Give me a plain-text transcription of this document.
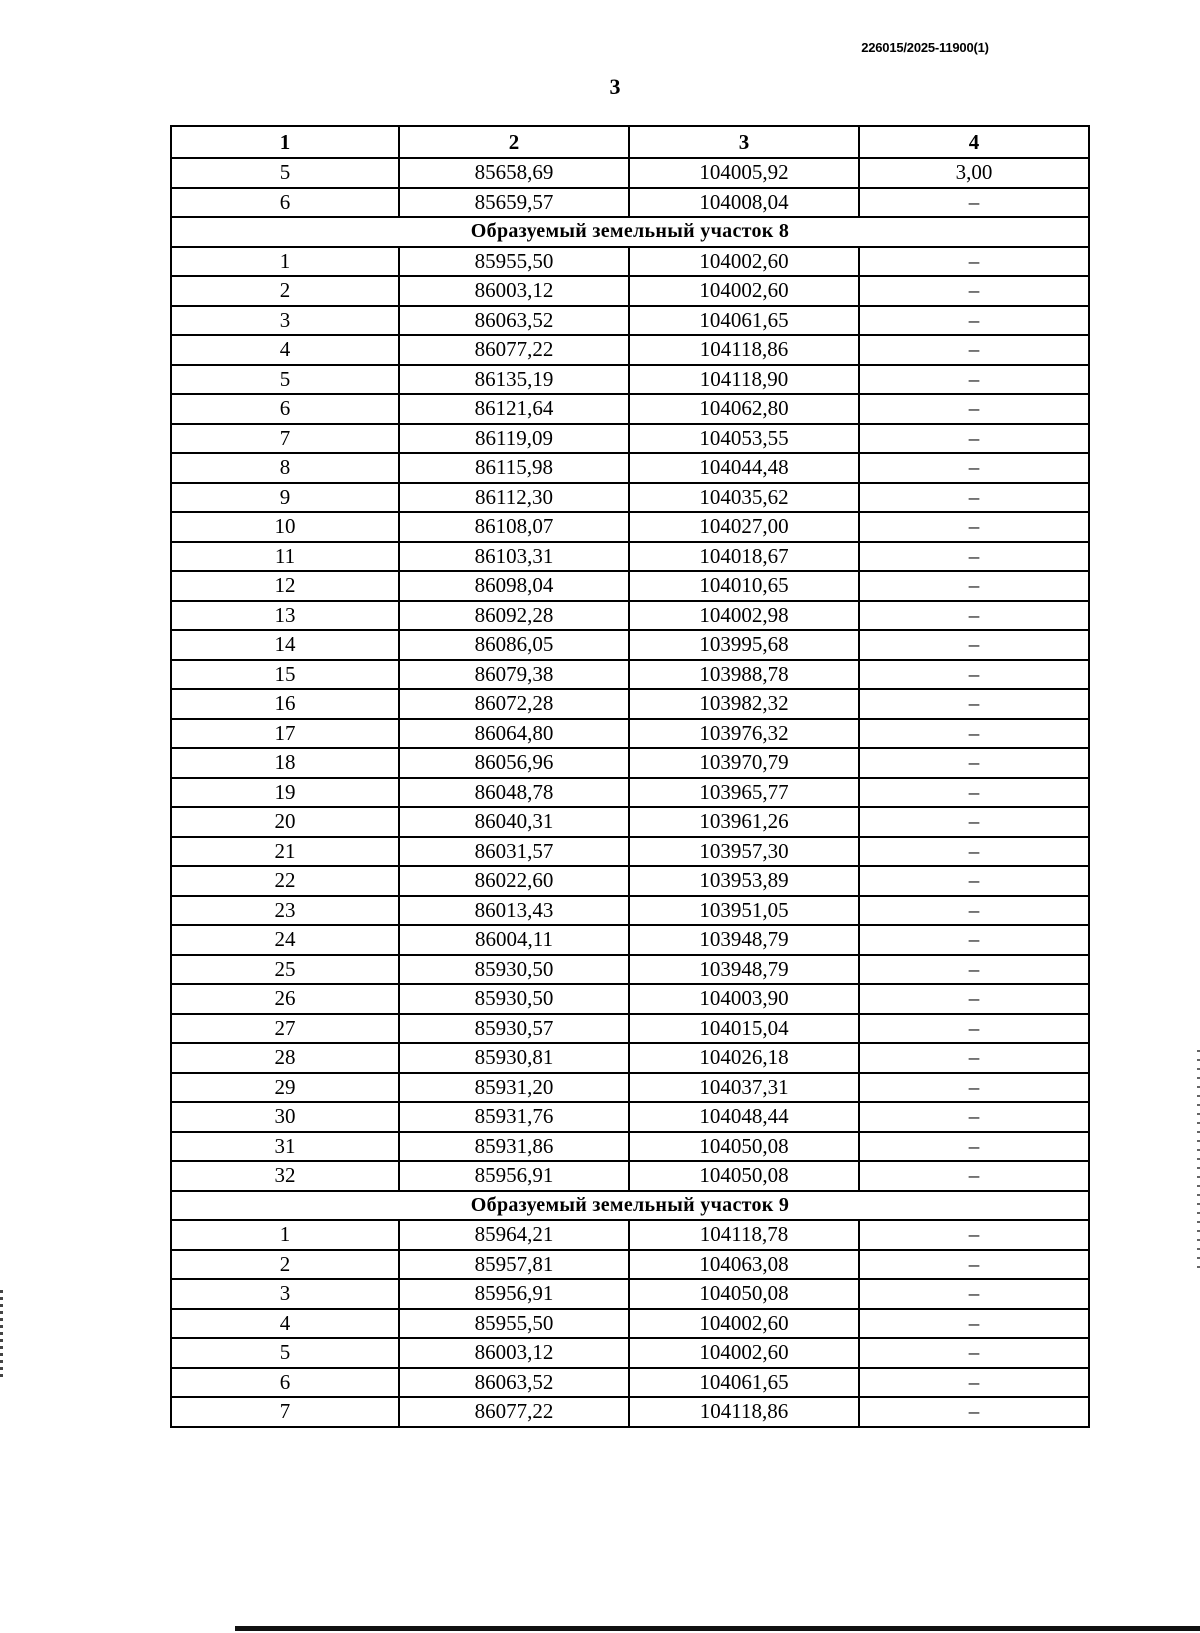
226015/2025-11900(1)
3
1	2	3	4
5	85658,69	104005,92	3,00
6	85659,57	104008,04	–
Образуемый земельный участок 8			
1	85955,50	104002,60	–
2	86003,12	104002,60	–
3	86063,52	104061,65	–
4	86077,22	104118,86	–
5	86135,19	104118,90	–
6	86121,64	104062,80	–
7	86119,09	104053,55	–
8	86115,98	104044,48	–
9	86112,30	104035,62	–
10	86108,07	104027,00	–
11	86103,31	104018,67	–
12	86098,04	104010,65	–
13	86092,28	104002,98	–
14	86086,05	103995,68	–
15	86079,38	103988,78	–
16	86072,28	103982,32	–
17	86064,80	103976,32	–
18	86056,96	103970,79	–
19	86048,78	103965,77	–
20	86040,31	103961,26	–
21	86031,57	103957,30	–
22	86022,60	103953,89	–
23	86013,43	103951,05	–
24	86004,11	103948,79	–
25	85930,50	103948,79	–
26	85930,50	104003,90	–
27	85930,57	104015,04	–
28	85930,81	104026,18	–
29	85931,20	104037,31	–
30	85931,76	104048,44	–
31	85931,86	104050,08	–
32	85956,91	104050,08	–
Образуемый земельный участок 9			
1	85964,21	104118,78	–
2	85957,81	104063,08	–
3	85956,91	104050,08	–
4	85955,50	104002,60	–
5	86003,12	104002,60	–
6	86063,52	104061,65	–
7	86077,22	104118,86	–
